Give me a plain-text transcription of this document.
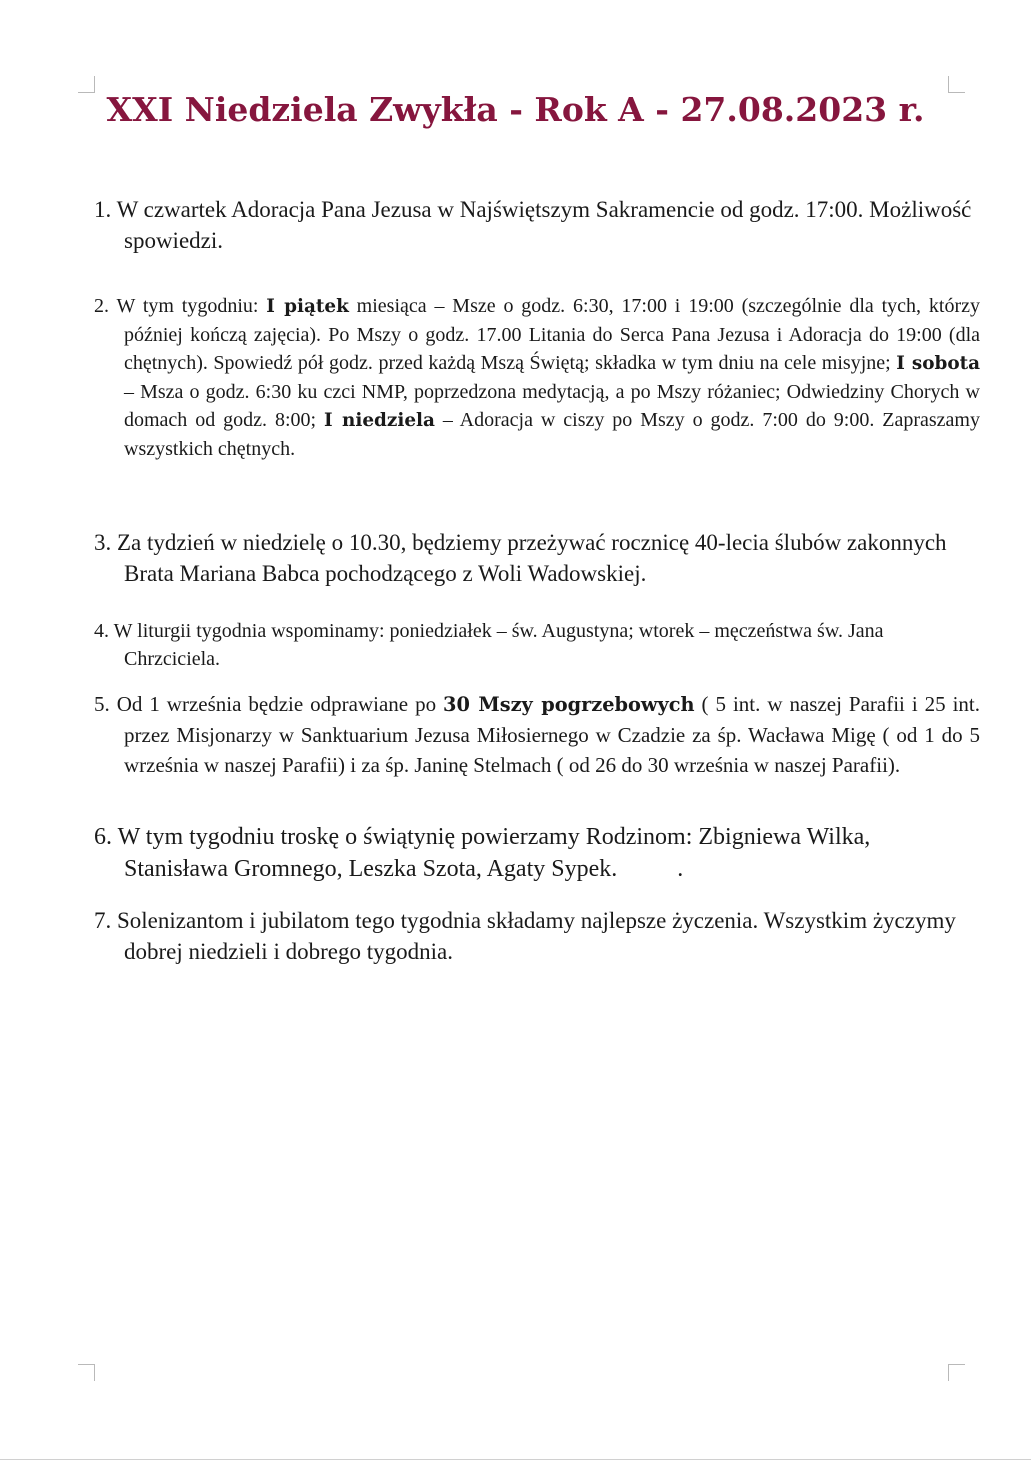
XXI Niedziela Zwykła - Rok A - 27.08.2023 r.

1. W czwartek Adoracja Pana Jezusa w Najświętszym Sakramencie od godz. 17:00. Możliwość spowiedzi.

2. W tym tygodniu: I piątek miesiąca – Msze o godz. 6:30, 17:00 i 19:00 (szczególnie dla tych, którzy później kończą zajęcia). Po Mszy o godz. 17.00 Litania do Serca Pana Jezusa i Adoracja do 19:00 (dla chętnych). Spowiedź pół godz. przed każdą Mszą Świętą; składka w tym dniu na cele misyjne; I sobota – Msza o godz. 6:30 ku czci NMP, poprzedzona medytacją, a po Mszy różaniec; Odwiedziny Chorych w domach od godz. 8:00; I niedziela – Adoracja w ciszy po Mszy o godz. 7:00 do 9:00. Zapraszamy wszystkich chętnych.

3. Za tydzień w niedzielę o 10.30, będziemy przeżywać rocznicę 40-lecia ślubów zakonnych Brata Mariana Babca pochodzącego z Woli Wadowskiej.

4. W liturgii tygodnia wspominamy: poniedziałek – św. Augustyna; wtorek – męczeństwa św. Jana Chrzciciela.

5. Od 1 września będzie odprawiane po 30 Mszy pogrzebowych ( 5 int. w naszej Parafii i 25 int. przez Misjonarzy w Sanktuarium Jezusa Miłosiernego w Czadzie za śp. Wacława Migę ( od 1 do 5 września w naszej Parafii) i za śp. Janinę Stelmach ( od 26 do 30 września w naszej Parafii).

6. W tym tygodniu troskę o świątynię powierzamy Rodzinom: Zbigniewa Wilka,  Stanisława Gromnego, Leszka Szota, Agaty Sypek.          .

7. Solenizantom i jubilatom tego tygodnia składamy najlepsze życzenia. Wszystkim życzymy dobrej niedzieli i dobrego tygodnia.
